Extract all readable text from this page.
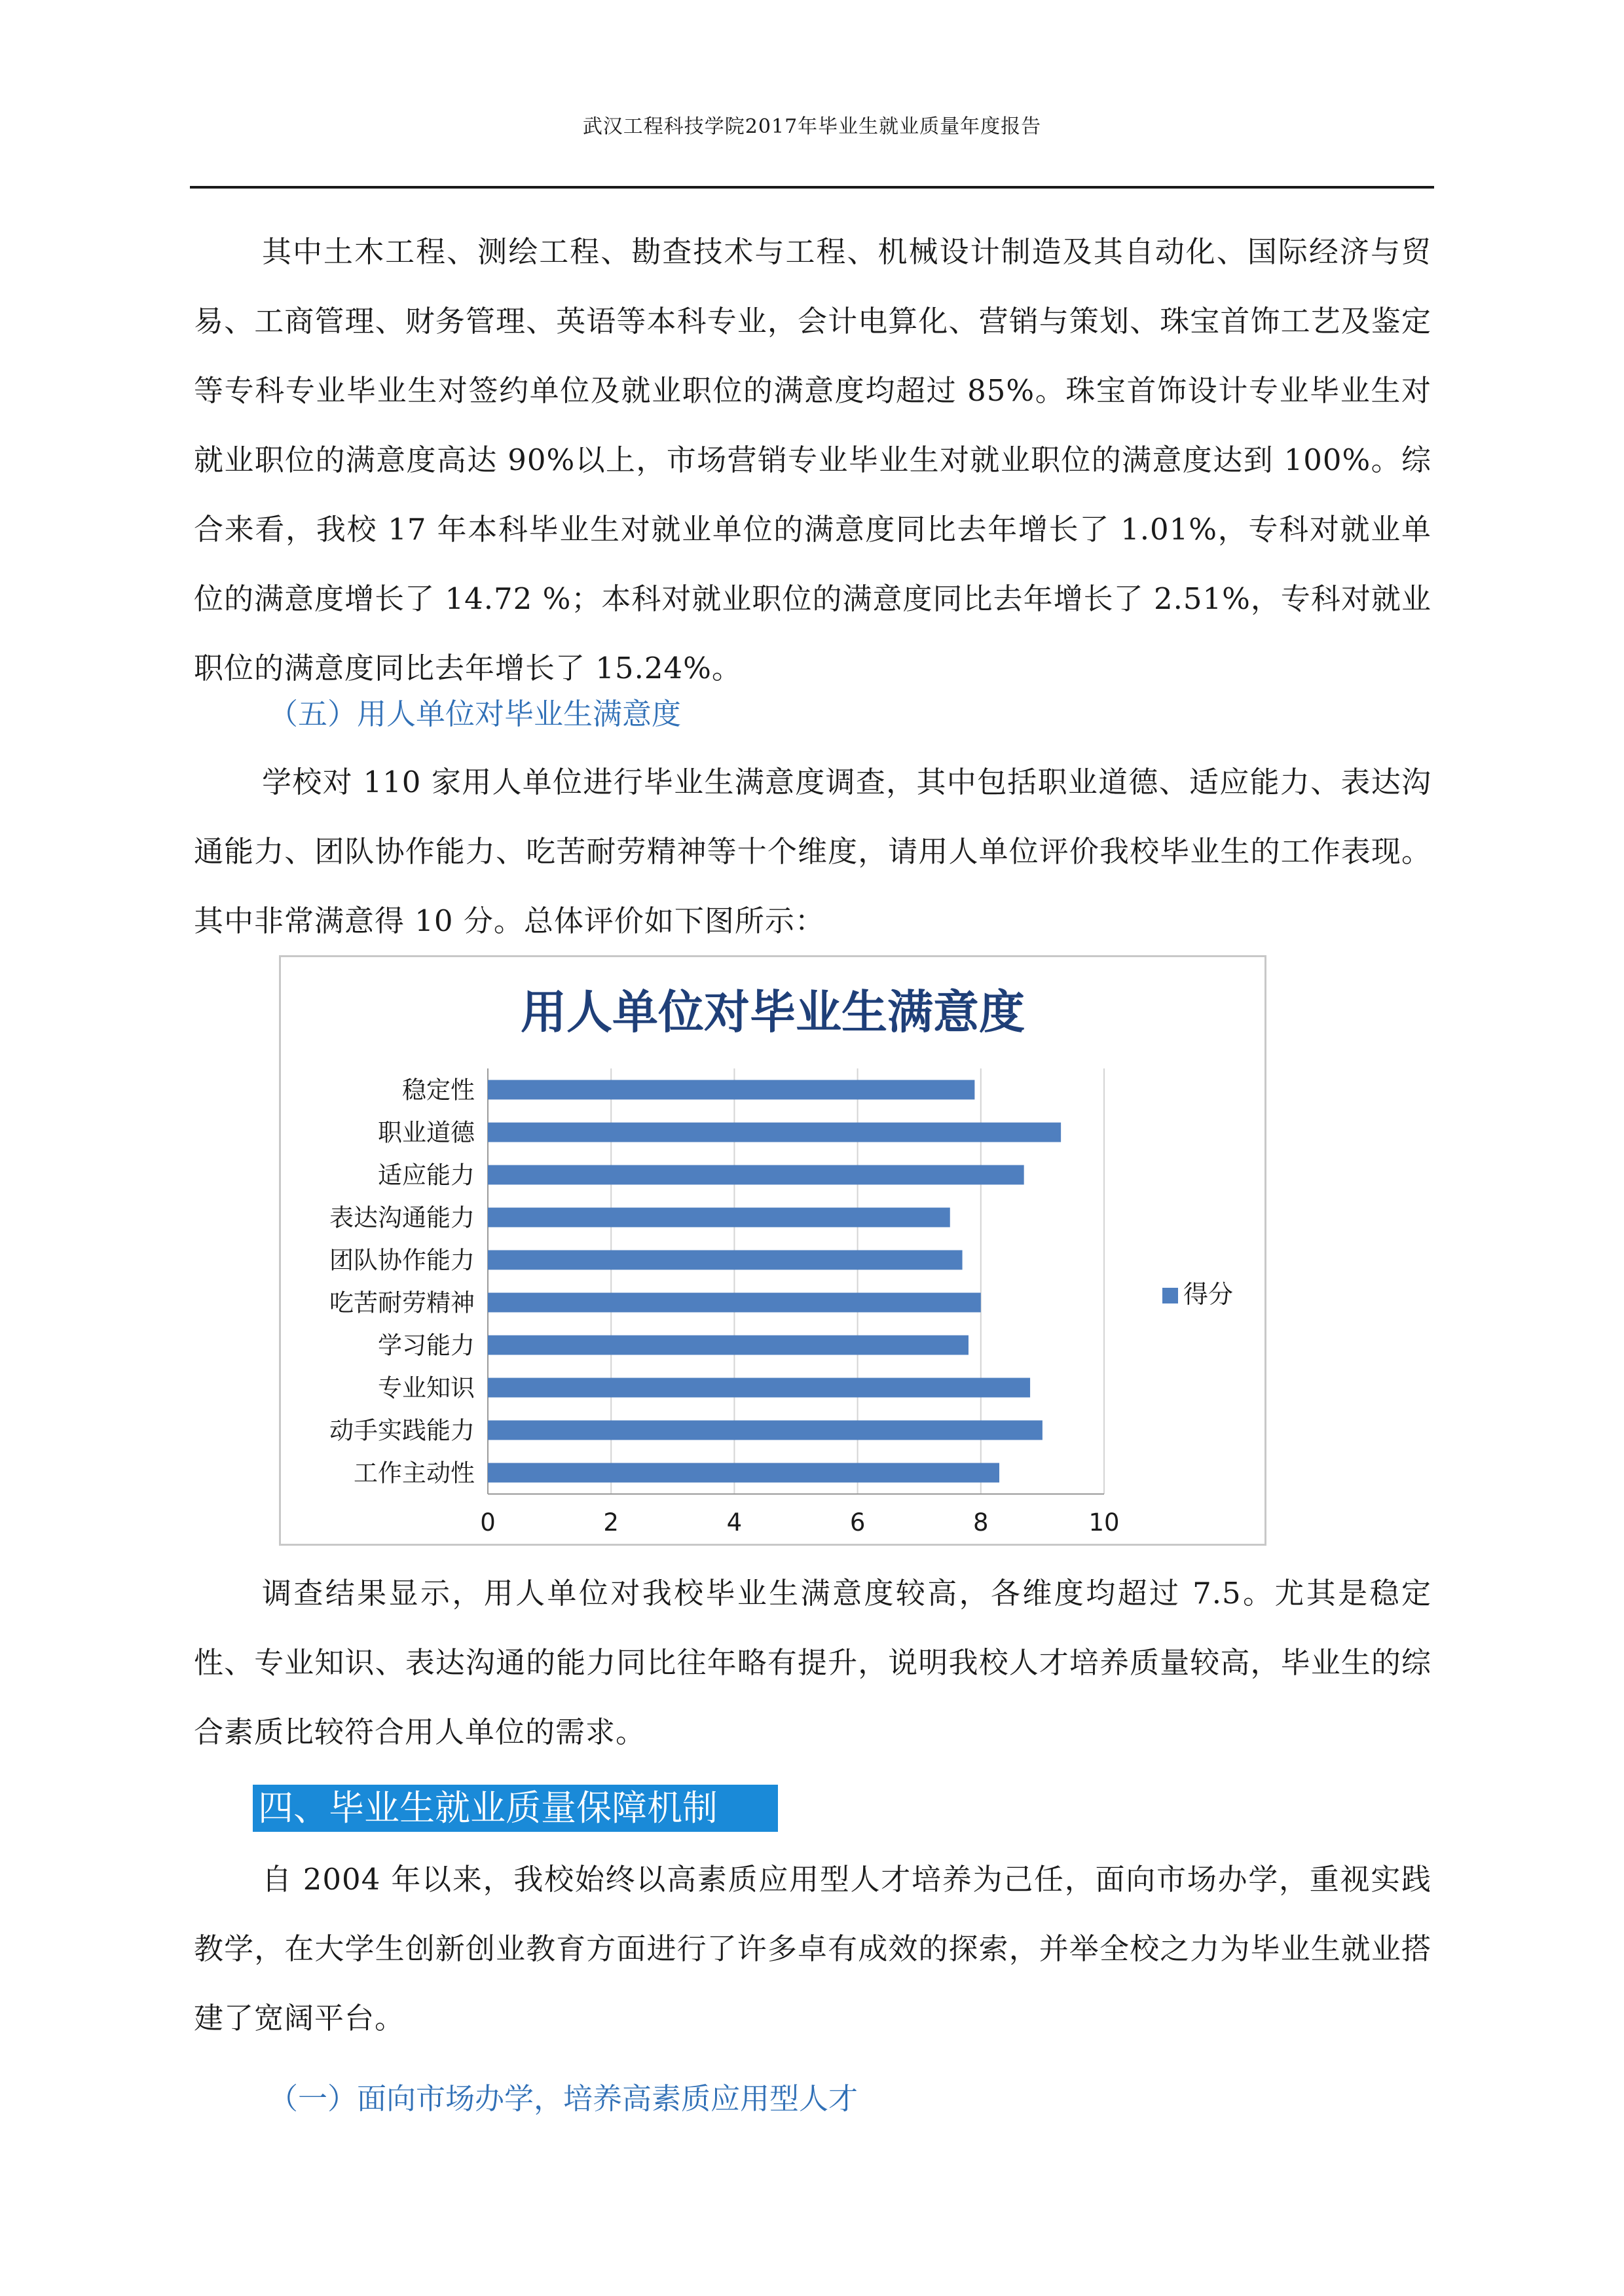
武汉工程科技学院2017年毕业生就业质量年度报告

其中土木工程、测绘工程、勘查技术与工程、机械设计制造及其自动化、国际经济与贸易、工商管理、财务管理、英语等本科专业，会计电算化、营销与策划、珠宝首饰工艺及鉴定等专科专业毕业生对签约单位及就业职位的满意度均超过 85%。珠宝首饰设计专业毕业生对就业职位的满意度高达 90%以上，市场营销专业毕业生对就业职位的满意度达到 100%。综合来看，我校 17 年本科毕业生对就业单位的满意度同比去年增长了 1.01%，专科对就业单位的满意度增长了 14.72 %；本科对就业职位的满意度同比去年增长了 2.51%，专科对就业职位的满意度同比去年增长了 15.24%。

（五）用人单位对毕业生满意度

学校对 110 家用人单位进行毕业生满意度调查，其中包括职业道德、适应能力、表达沟通能力、团队协作能力、吃苦耐劳精神等十个维度，请用人单位评价我校毕业生的工作表现。其中非常满意得 10 分。总体评价如下图所示：

用人单位对毕业生满意度
稳定性
职业道德
适应能力
表达沟通能力
团队协作能力
吃苦耐劳精神
学习能力
专业知识
动手实践能力
工作主动性
0	2	4	6	8	10
得分

调查结果显示，用人单位对我校毕业生满意度较高，各维度均超过 7.5。尤其是稳定性、专业知识、表达沟通的能力同比往年略有提升，说明我校人才培养质量较高，毕业生的综合素质比较符合用人单位的需求。

四、毕业生就业质量保障机制

自 2004 年以来，我校始终以高素质应用型人才培养为己任，面向市场办学，重视实践教学，在大学生创新创业教育方面进行了许多卓有成效的探索，并举全校之力为毕业生就业搭建了宽阔平台。

（一）面向市场办学，培养高素质应用型人才
